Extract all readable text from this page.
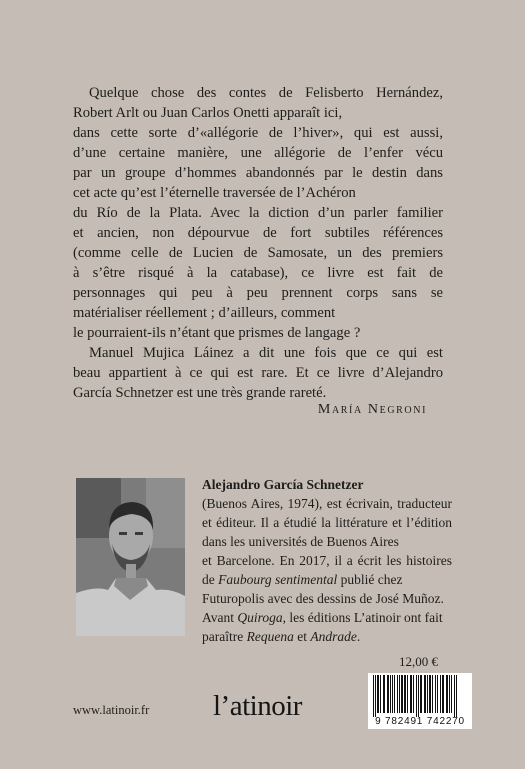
Quelque chose des contes de Felisberto Hernández,
Robert Arlt ou Juan Carlos Onetti apparaît ici,
dans cette sorte d’«allégorie de l’hiver», qui est aussi,
d’une certaine manière, une allégorie de l’enfer vécu
par un groupe d’hommes abandonnés par le destin dans
cet acte qu’est l’éternelle traversée de l’Achéron
du Río de la Plata. Avec la diction d’un parler familier
et ancien, non dépourvue de fort subtiles références
(comme celle de Lucien de Samosate, un des premiers
à s’être risqué à la catabase), ce livre est fait de
personnages qui peu à peu prennent corps sans se
matérialiser réellement ; d’ailleurs, comment
le pourraient-ils n’étant que prismes de langage ?
Manuel Mujica Láinez a dit une fois que ce qui est
beau appartient à ce qui est rare. Et ce livre d’Alejandro
García Schnetzer est une très grande rareté.
María Negroni
Alejandro García Schnetzer
(Buenos Aires, 1974), est écrivain, traducteur
et éditeur. Il a étudié la littérature et l’édition
dans les universités de Buenos Aires
et Barcelone. En 2017, il a écrit les histoires
de Faubourg sentimental publié chez
Futuropolis avec des dessins de José Muñoz.
Avant Quiroga, les éditions L’atinoir ont fait
paraître Requena et Andrade.
12,00 €
9 782491 742270
www.latinoir.fr l’atinoir
